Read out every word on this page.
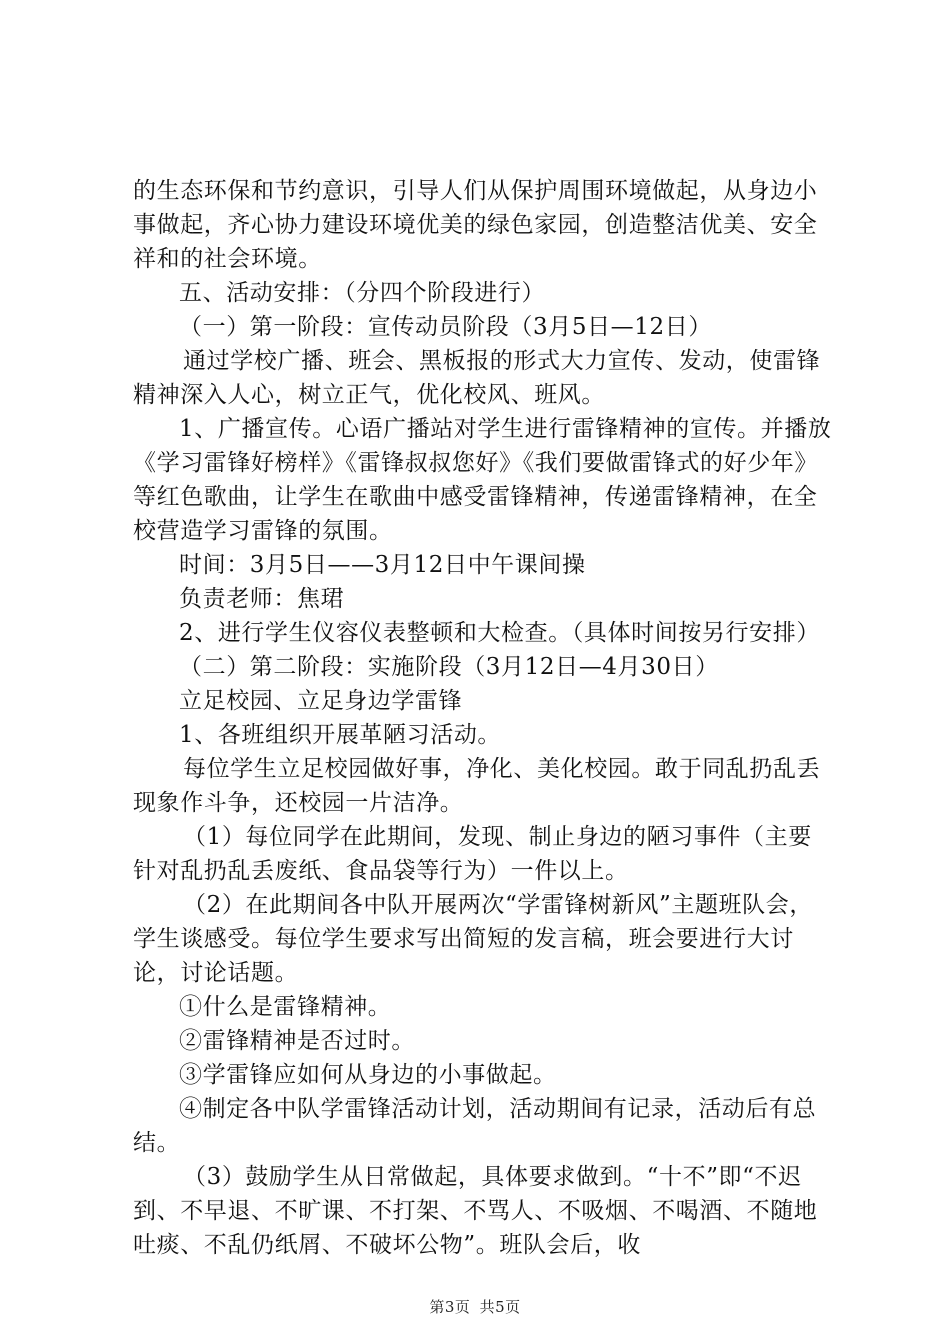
的生态环保和节约意识，引导人们从保护周围环境做起，从身边小事做起，齐心协力建设环境优美的绿色家园，创造整洁优美、安全祥和的社会环境。

五、活动安排：（分四个阶段进行）

（一）第一阶段：宣传动员阶段（3月5日—12日）

通过学校广播、班会、黑板报的形式大力宣传、发动，使雷锋精神深入人心，树立正气，优化校风、班风。

1、广播宣传。心语广播站对学生进行雷锋精神的宣传。并播放《学习雷锋好榜样》《雷锋叔叔您好》《我们要做雷锋式的好少年》等红色歌曲，让学生在歌曲中感受雷锋精神，传递雷锋精神，在全校营造学习雷锋的氛围。

时间：3月5日——3月12日中午课间操

负责老师：焦珺

2、进行学生仪容仪表整顿和大检查。（具体时间按另行安排）

（二）第二阶段：实施阶段（3月12日—4月30日）

立足校园、立足身边学雷锋

1、各班组织开展革陋习活动。

每位学生立足校园做好事，净化、美化校园。敢于同乱扔乱丢现象作斗争，还校园一片洁净。

（1）每位同学在此期间，发现、制止身边的陋习事件（主要针对乱扔乱丢废纸、食品袋等行为）一件以上。

（2）在此期间各中队开展两次“学雷锋树新风”主题班队会，学生谈感受。每位学生要求写出简短的发言稿，班会要进行大讨论，讨论话题。

①什么是雷锋精神。

②雷锋精神是否过时。

③学雷锋应如何从身边的小事做起。

④制定各中队学雷锋活动计划，活动期间有记录，活动后有总结。

（3）鼓励学生从日常做起，具体要求做到。“十不”即“不迟到、不早退、不旷课、不打架、不骂人、不吸烟、不喝酒、不随地吐痰、不乱仍纸屑、不破坏公物”。班队会后，收

第3页 共5页
